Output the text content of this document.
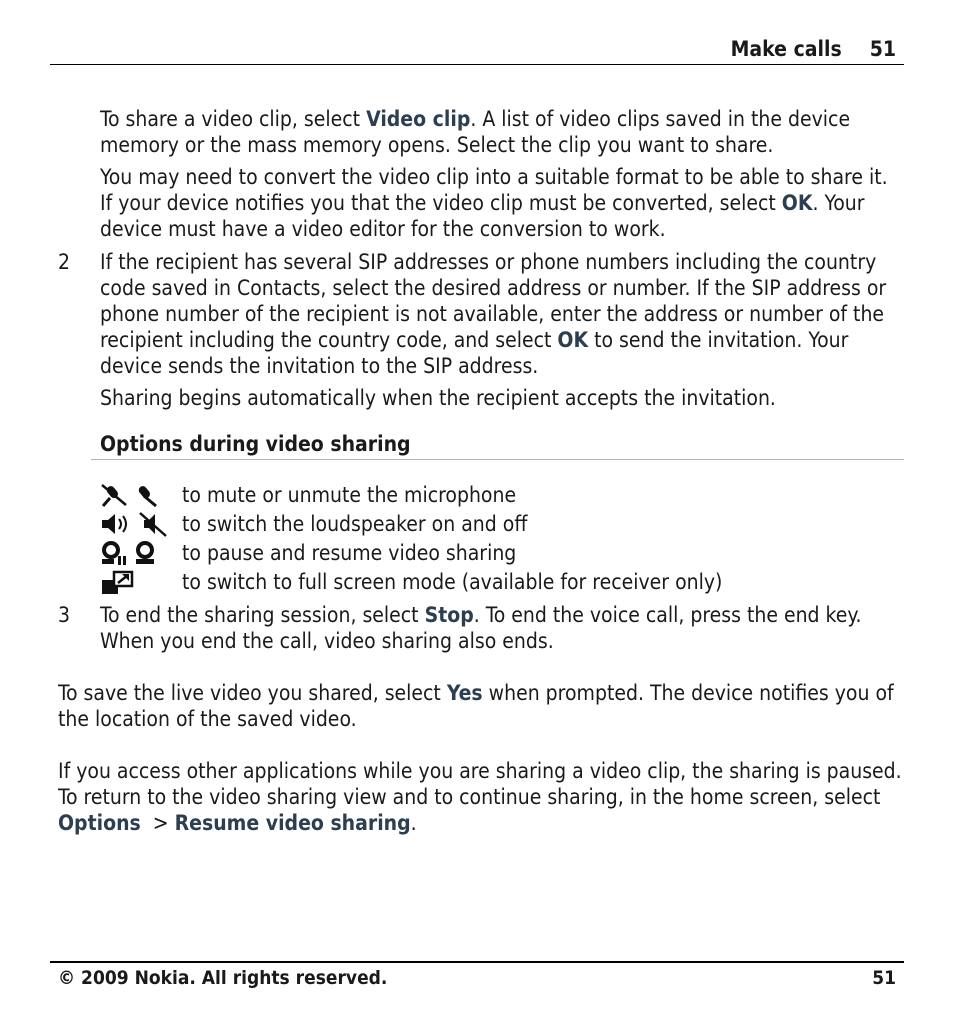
Make calls 51

To share a video clip, select Video clip. A list of video clips saved in the device memory or the mass memory opens. Select the clip you want to share.

You may need to convert the video clip into a suitable format to be able to share it. If your device notifies you that the video clip must be converted, select OK. Your device must have a video editor for the conversion to work.

2	If the recipient has several SIP addresses or phone numbers including the country code saved in Contacts, select the desired address or number. If the SIP address or phone number of the recipient is not available, enter the address or number of the recipient including the country code, and select OK to send the invitation. Your device sends the invitation to the SIP address.

Sharing begins automatically when the recipient accepts the invitation.

Options during video sharing
to mute or unmute the microphone
to switch the loudspeaker on and off
to pause and resume video sharing
to switch to full screen mode (available for receiver only)
3	To end the sharing session, select Stop. To end the voice call, press the end key. When you end the call, video sharing also ends.

To save the live video you shared, select Yes when prompted. The device notifies you of the location of the saved video.

If you access other applications while you are sharing a video clip, the sharing is paused. To return to the video sharing view and to continue sharing, in the home screen, select Options  > Resume video sharing.

© 2009 Nokia. All rights reserved.	51
